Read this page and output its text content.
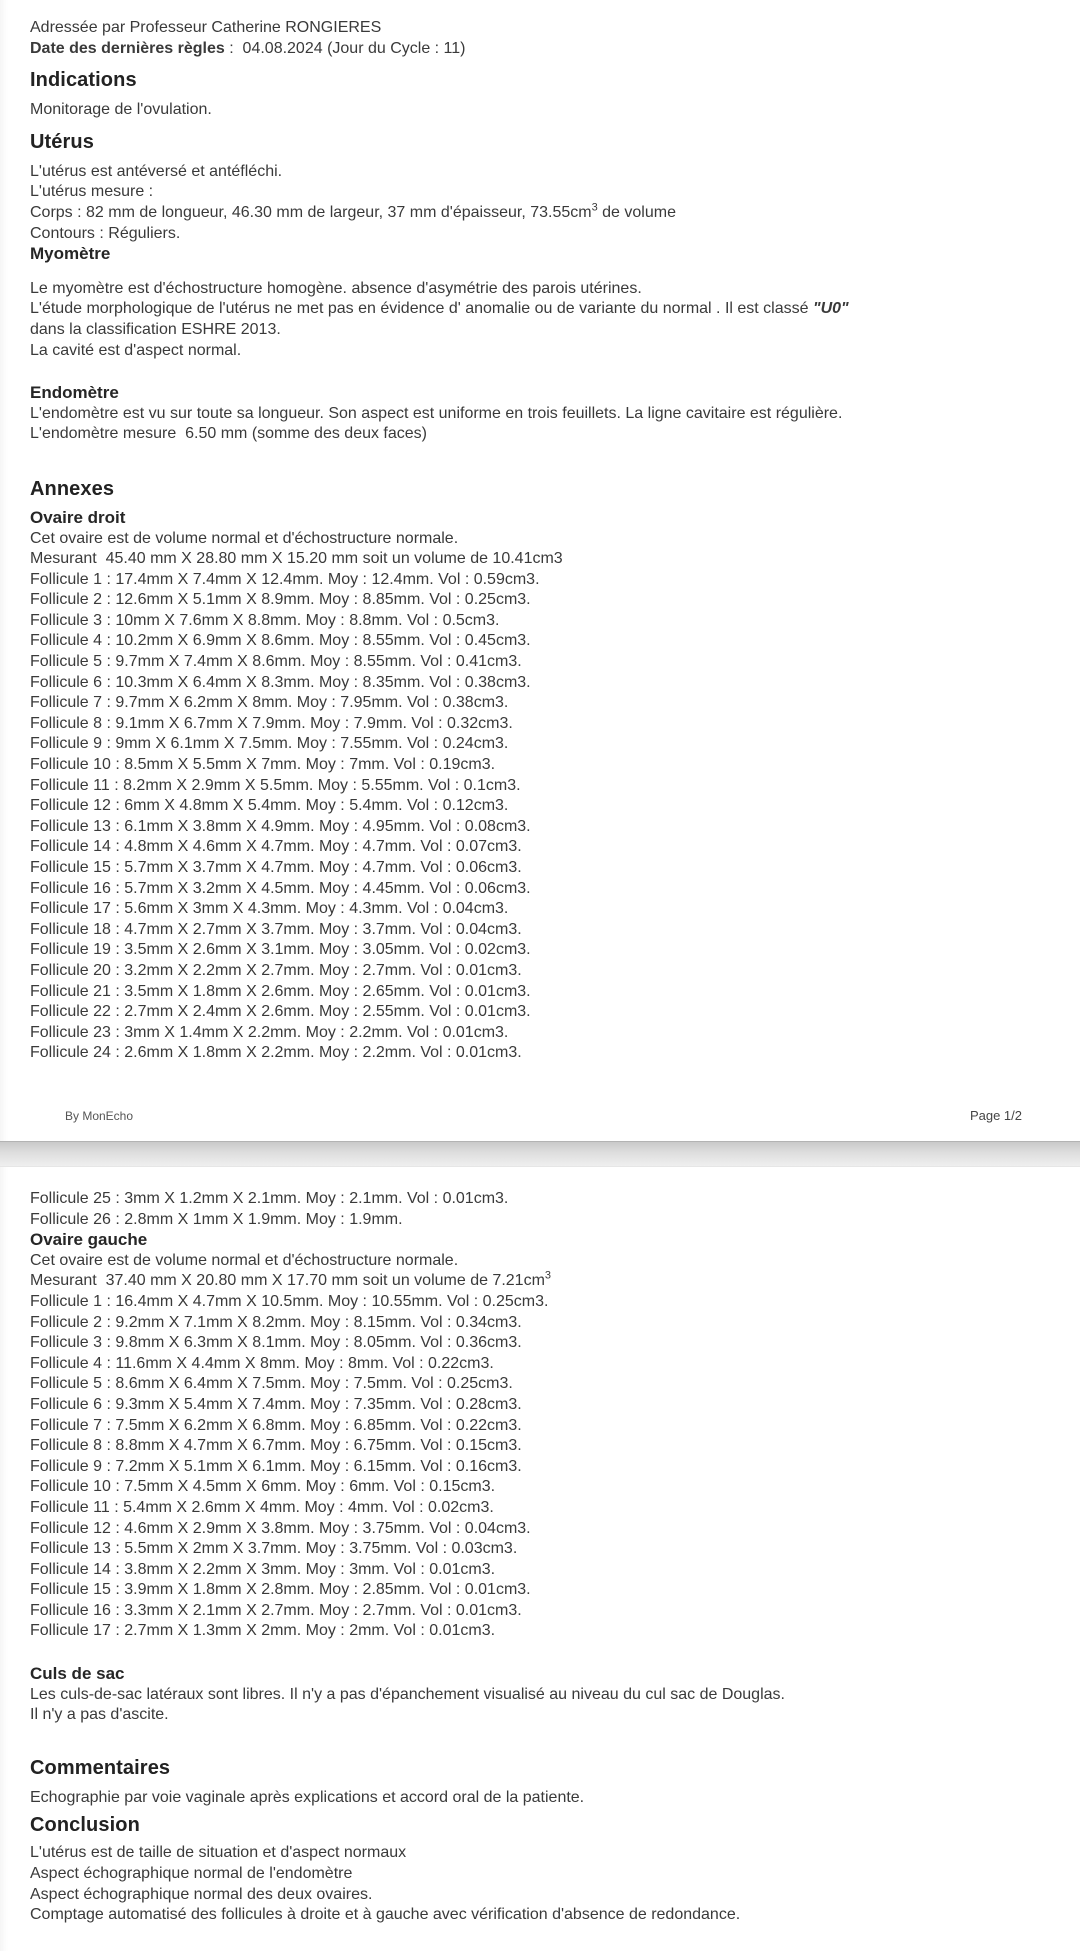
Adressée par Professeur Catherine RONGIERES
Date des dernières règles :  04.08.2024 (Jour du Cycle : 11)
Indications
Monitorage de l'ovulation.
Utérus
L'utérus est antéversé et antéfléchi.
L'utérus mesure :
Corps : 82 mm de longueur, 46.30 mm de largeur, 37 mm d'épaisseur, $73.55cm^3$ de volume
Contours : Réguliers.
Myomètre
Le myomètre est d'échostructure homogène. absence d'asymétrie des parois utérines.
L'étude morphologique de l'utérus ne met pas en évidence d' anomalie ou de variante du normal . Il est classé "U0"
dans la classification ESHRE 2013.
La cavité est d'aspect normal.
Endomètre
L'endomètre est vu sur toute sa longueur. Son aspect est uniforme en trois feuillets. La ligne cavitaire est régulière.
L'endomètre mesure  6.50 mm (somme des deux faces)
Annexes
Ovaire droit
Cet ovaire est de volume normal et d'échostructure normale.
Mesurant  45.40 mm X 28.80 mm X 15.20 mm soit un volume de 10.41cm3
Follicule 1 : 17.4mm X 7.4mm X 12.4mm. Moy : 12.4mm. Vol : 0.59cm3.
Follicule 2 : 12.6mm X 5.1mm X 8.9mm. Moy : 8.85mm. Vol : 0.25cm3.
Follicule 3 : 10mm X 7.6mm X 8.8mm. Moy : 8.8mm. Vol : 0.5cm3.
Follicule 4 : 10.2mm X 6.9mm X 8.6mm. Moy : 8.55mm. Vol : 0.45cm3.
Follicule 5 : 9.7mm X 7.4mm X 8.6mm. Moy : 8.55mm. Vol : 0.41cm3.
Follicule 6 : 10.3mm X 6.4mm X 8.3mm. Moy : 8.35mm. Vol : 0.38cm3.
Follicule 7 : 9.7mm X 6.2mm X 8mm. Moy : 7.95mm. Vol : 0.38cm3.
Follicule 8 : 9.1mm X 6.7mm X 7.9mm. Moy : 7.9mm. Vol : 0.32cm3.
Follicule 9 : 9mm X 6.1mm X 7.5mm. Moy : 7.55mm. Vol : 0.24cm3.
Follicule 10 : 8.5mm X 5.5mm X 7mm. Moy : 7mm. Vol : 0.19cm3.
Follicule 11 : 8.2mm X 2.9mm X 5.5mm. Moy : 5.55mm. Vol : 0.1cm3.
Follicule 12 : 6mm X 4.8mm X 5.4mm. Moy : 5.4mm. Vol : 0.12cm3.
Follicule 13 : 6.1mm X 3.8mm X 4.9mm. Moy : 4.95mm. Vol : 0.08cm3.
Follicule 14 : 4.8mm X 4.6mm X 4.7mm. Moy : 4.7mm. Vol : 0.07cm3.
Follicule 15 : 5.7mm X 3.7mm X 4.7mm. Moy : 4.7mm. Vol : 0.06cm3.
Follicule 16 : 5.7mm X 3.2mm X 4.5mm. Moy : 4.45mm. Vol : 0.06cm3.
Follicule 17 : 5.6mm X 3mm X 4.3mm. Moy : 4.3mm. Vol : 0.04cm3.
Follicule 18 : 4.7mm X 2.7mm X 3.7mm. Moy : 3.7mm. Vol : 0.04cm3.
Follicule 19 : 3.5mm X 2.6mm X 3.1mm. Moy : 3.05mm. Vol : 0.02cm3.
Follicule 20 : 3.2mm X 2.2mm X 2.7mm. Moy : 2.7mm. Vol : 0.01cm3.
Follicule 21 : 3.5mm X 1.8mm X 2.6mm. Moy : 2.65mm. Vol : 0.01cm3.
Follicule 22 : 2.7mm X 2.4mm X 2.6mm. Moy : 2.55mm. Vol : 0.01cm3.
Follicule 23 : 3mm X 1.4mm X 2.2mm. Moy : 2.2mm. Vol : 0.01cm3.
Follicule 24 : 2.6mm X 1.8mm X 2.2mm. Moy : 2.2mm. Vol : 0.01cm3.
By MonEcho	Page 1/2
Follicule 25 : 3mm X 1.2mm X 2.1mm. Moy : 2.1mm. Vol : 0.01cm3.
Follicule 26 : 2.8mm X 1mm X 1.9mm. Moy : 1.9mm.
Ovaire gauche
Cet ovaire est de volume normal et d'échostructure normale.
Mesurant  37.40 mm X 20.80 mm X 17.70 mm soit un volume de $7.21cm^3$
Follicule 1 : 16.4mm X 4.7mm X 10.5mm. Moy : 10.55mm. Vol : 0.25cm3.
Follicule 2 : 9.2mm X 7.1mm X 8.2mm. Moy : 8.15mm. Vol : 0.34cm3.
Follicule 3 : 9.8mm X 6.3mm X 8.1mm. Moy : 8.05mm. Vol : 0.36cm3.
Follicule 4 : 11.6mm X 4.4mm X 8mm. Moy : 8mm. Vol : 0.22cm3.
Follicule 5 : 8.6mm X 6.4mm X 7.5mm. Moy : 7.5mm. Vol : 0.25cm3.
Follicule 6 : 9.3mm X 5.4mm X 7.4mm. Moy : 7.35mm. Vol : 0.28cm3.
Follicule 7 : 7.5mm X 6.2mm X 6.8mm. Moy : 6.85mm. Vol : 0.22cm3.
Follicule 8 : 8.8mm X 4.7mm X 6.7mm. Moy : 6.75mm. Vol : 0.15cm3.
Follicule 9 : 7.2mm X 5.1mm X 6.1mm. Moy : 6.15mm. Vol : 0.16cm3.
Follicule 10 : 7.5mm X 4.5mm X 6mm. Moy : 6mm. Vol : 0.15cm3.
Follicule 11 : 5.4mm X 2.6mm X 4mm. Moy : 4mm. Vol : 0.02cm3.
Follicule 12 : 4.6mm X 2.9mm X 3.8mm. Moy : 3.75mm. Vol : 0.04cm3.
Follicule 13 : 5.5mm X 2mm X 3.7mm. Moy : 3.75mm. Vol : 0.03cm3.
Follicule 14 : 3.8mm X 2.2mm X 3mm. Moy : 3mm. Vol : 0.01cm3.
Follicule 15 : 3.9mm X 1.8mm X 2.8mm. Moy : 2.85mm. Vol : 0.01cm3.
Follicule 16 : 3.3mm X 2.1mm X 2.7mm. Moy : 2.7mm. Vol : 0.01cm3.
Follicule 17 : 2.7mm X 1.3mm X 2mm. Moy : 2mm. Vol : 0.01cm3.
Culs de sac
Les culs-de-sac latéraux sont libres. Il n'y a pas d'épanchement visualisé au niveau du cul sac de Douglas.
Il n'y a pas d'ascite.
Commentaires
Echographie par voie vaginale après explications et accord oral de la patiente.
Conclusion
L'utérus est de taille de situation et d'aspect normaux
Aspect échographique normal de l'endomètre
Aspect échographique normal des deux ovaires.
Comptage automatisé des follicules à droite et à gauche avec vérification d'absence de redondance.
